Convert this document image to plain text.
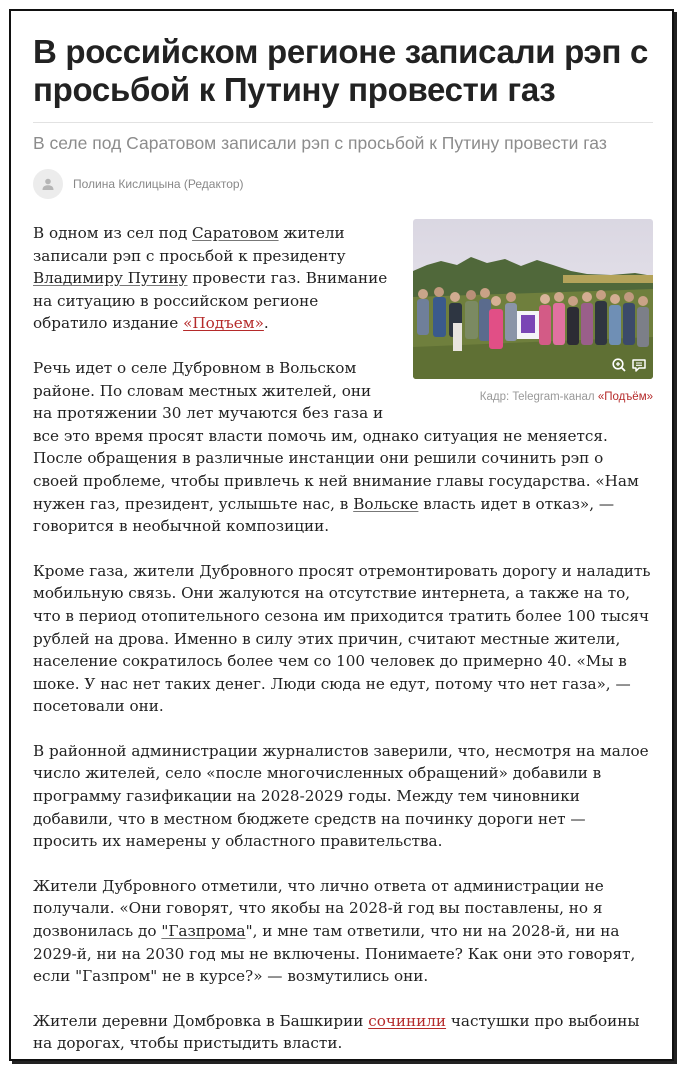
В российском регионе записали рэп с просьбой к Путину провести газ
В селе под Саратовом записали рэп с просьбой к Путину провести газ
Полина Кислицына (Редактор)
Кадр: Telegram-канал «Подъём»

В одном из сел под Саратовом жители записали рэп с просьбой к президенту Владимиру Путину провести газ. Внимание на ситуацию в российском регионе обратило издание «Подъем».

Речь идет о селе Дубровном в Вольском районе. По словам местных жителей, они на протяжении 30 лет мучаются без газа и все это время просят власти помочь им, однако ситуация не меняется. После обращения в различные инстанции они решили сочинить рэп о своей проблеме, чтобы привлечь к ней внимание главы государства. «Нам нужен газ, президент, услышьте нас, в Вольске власть идет в отказ», — говорится в необычной композиции.

Кроме газа, жители Дубровного просят отремонтировать дорогу и наладить мобильную связь. Они жалуются на отсутствие интернета, а также на то, что в период отопительного сезона им приходится тратить более 100 тысяч рублей на дрова. Именно в силу этих причин, считают местные жители, население сократилось более чем со 100 человек до примерно 40. «Мы в шоке. У нас нет таких денег. Люди сюда не едут, потому что нет газа», — посетовали они.

В районной администрации журналистов заверили, что, несмотря на малое число жителей, село «после многочисленных обращений» добавили в программу газификации на 2028-2029 годы. Между тем чиновники добавили, что в местном бюджете средств на починку дороги нет — просить их намерены у областного правительства.

Жители Дубровного отметили, что лично ответа от администрации не получали. «Они говорят, что якобы на 2028-й год вы поставлены, но я дозвонилась до "Газпрома", и мне там ответили, что ни на 2028-й, ни на 2029-й, ни на 2030 год мы не включены. Понимаете? Как они это говорят, если "Газпром" не в курсе?» — возмутились они.

Жители деревни Домбровка в Башкирии сочинили частушки про выбоины на дорогах, чтобы пристыдить власти.
